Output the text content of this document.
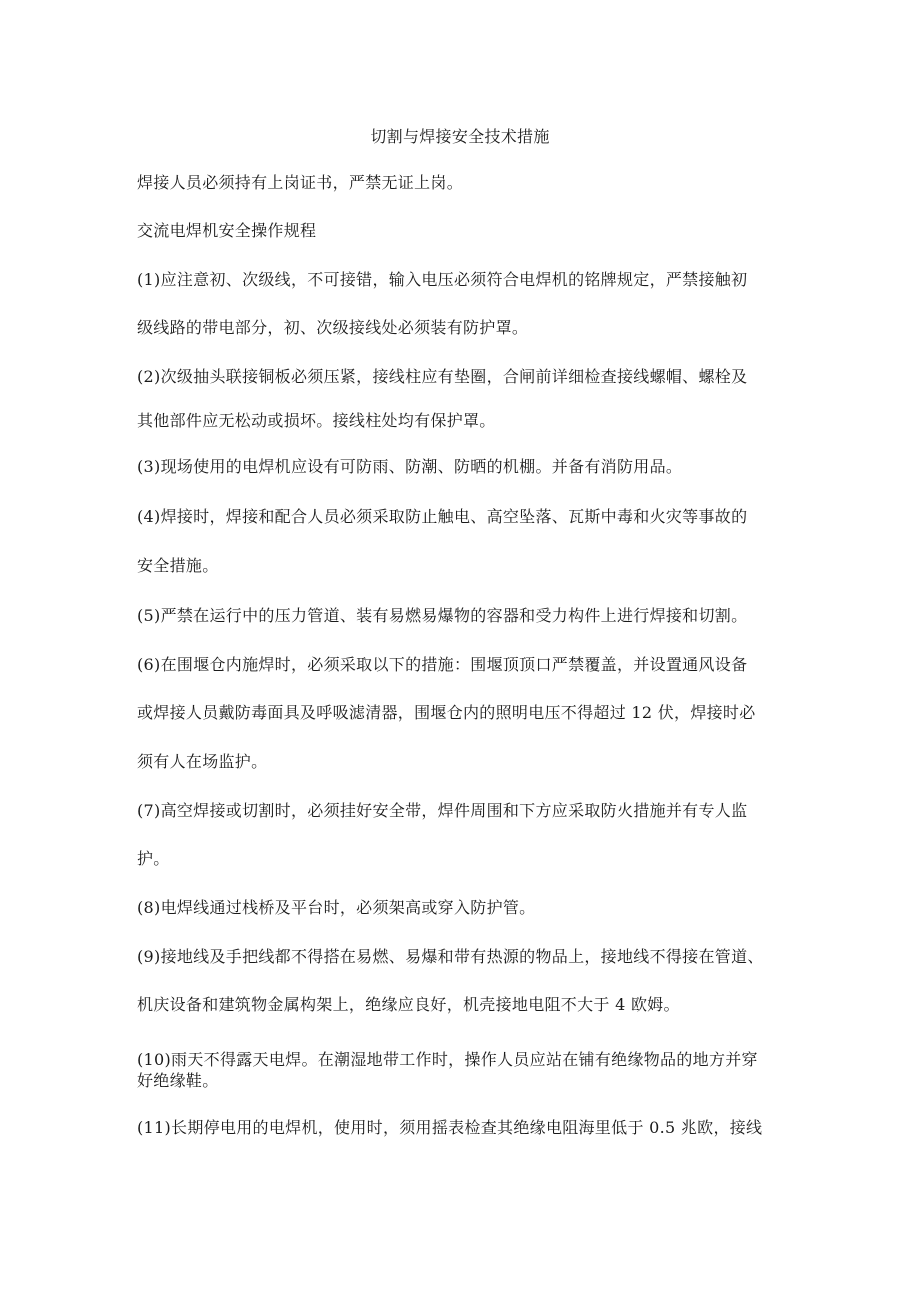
切割与焊接安全技术措施
焊接人员必须持有上岗证书，严禁无证上岗。
交流电焊机安全操作规程
(1)应注意初、次级线，不可接错，输入电压必须符合电焊机的铭牌规定，严禁接触初
级线路的带电部分，初、次级接线处必须装有防护罩。
(2)次级抽头联接铜板必须压紧，接线柱应有垫圈，合闸前详细检查接线螺帽、螺栓及
其他部件应无松动或损坏。接线柱处均有保护罩。
(3)现场使用的电焊机应设有可防雨、防潮、防晒的机棚。并备有消防用品。
(4)焊接时，焊接和配合人员必须采取防止触电、高空坠落、瓦斯中毒和火灾等事故的
安全措施。
(5)严禁在运行中的压力管道、装有易燃易爆物的容器和受力构件上进行焊接和切割。
(6)在围堰仓内施焊时，必须采取以下的措施：围堰顶顶口严禁覆盖，并设置通风设备
或焊接人员戴防毒面具及呼吸滤清器，围堰仓内的照明电压不得超过 12 伏，焊接时必
须有人在场监护。
(7)高空焊接或切割时，必须挂好安全带，焊件周围和下方应采取防火措施并有专人监
护。
(8)电焊线通过栈桥及平台时，必须架高或穿入防护管。
(9)接地线及手把线都不得搭在易燃、易爆和带有热源的物品上，接地线不得接在管道、
机庆设备和建筑物金属构架上，绝缘应良好，机壳接地电阻不大于 4 欧姆。
(10)雨天不得露天电焊。在潮湿地带工作时，操作人员应站在铺有绝缘物品的地方并穿
好绝缘鞋。
(11)长期停电用的电焊机，使用时，须用摇表检查其绝缘电阻海里低于 0.5 兆欧，接线
